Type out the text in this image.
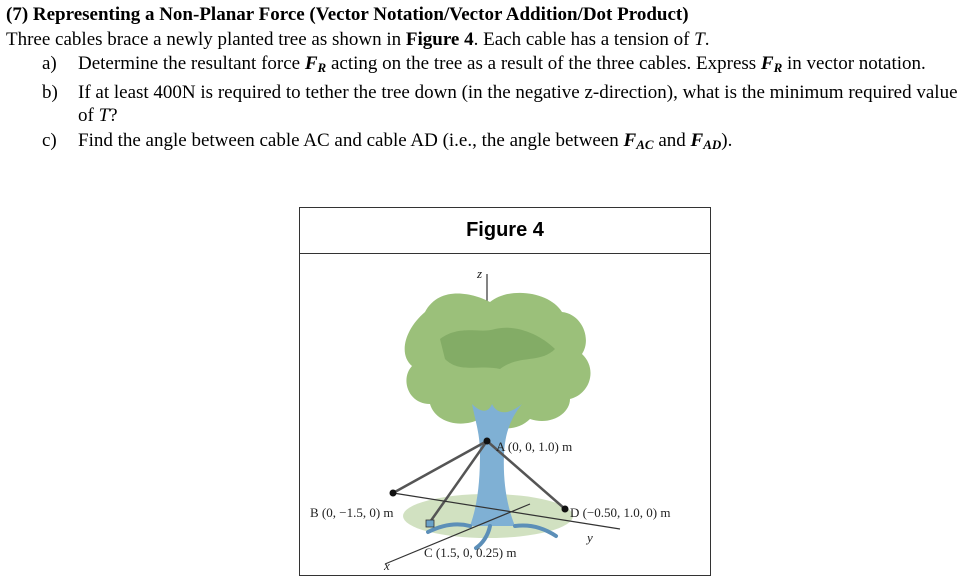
(7) Representing a Non-Planar Force (Vector Notation/Vector Addition/Dot Product)
Three cables brace a newly planted tree as shown in Figure 4. Each cable has a tension of T.
a)	Determine the resultant force $F_R$ acting on the tree as a result of the three cables. Express $F_R$ in vector notation.
b)	If at least 400N is required to tether the tree down (in the negative z-direction), what is the minimum required value of T?
c)	Find the angle between cable AC and cable AD (i.e., the angle between $F_{AC}$ and $F_{AD}$).
Figure 4
z
y
x
A (0, 0, 1.0) m
B (0, −1.5, 0) m
C (1.5, 0, 0.25) m
D (−0.50, 1.0, 0) m
